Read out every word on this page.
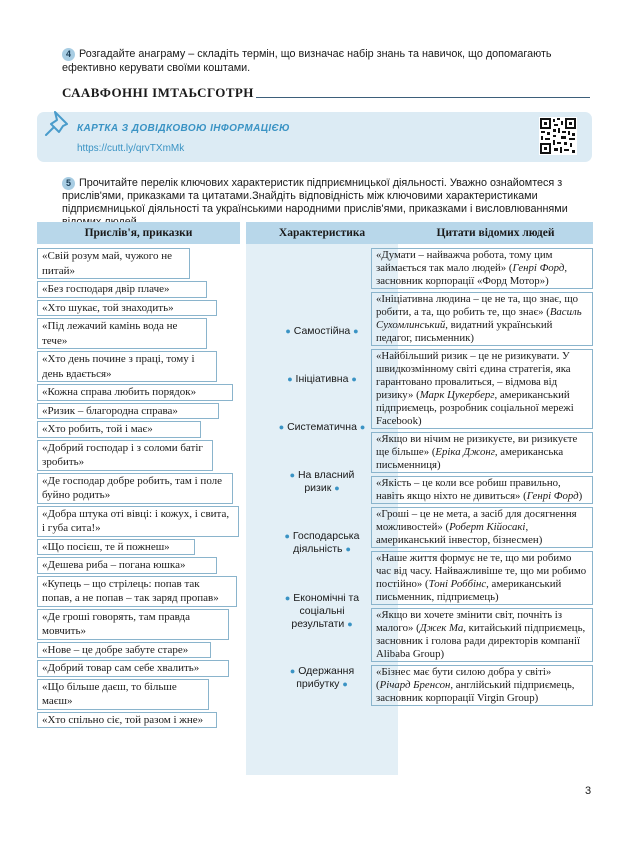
4 Розгадайте анаграму – складіть термін, що визначає набір знань та навичок, що допомагають ефективно керувати своїми коштами.
СААВФОННІ ІМТАЬСГОТРН
КАРТКА З ДОВІДКОВОЮ ІНФОРМАЦІЄЮ
https://cutt.ly/qrvTXmMk
5 Прочитайте перелік ключових характеристик підприємницької діяльності. Уважно ознайомтеся з прислів'ями, приказками та цитатами.Знайдіть відповідність між ключовими характеристиками підприємницької діяльності та українськими народними прислів'ями, приказками і висловлюваннями
Прислів'я, приказки	Характеристика	Цитати відомих людей
«Свій розум май, чужого не питай»
«Без господаря двір плаче»
«Хто шукає, той знаходить»
«Під лежачий камінь вода не тече»
«Хто день почине з праці, тому і день вдається»
«Кожна справа любить порядок»
«Ризик – благородна справа»
«Хто робить, той і має»
«Добрий господар і з соломи батіг зробить»
«Де господар добре робить, там і поле буйно родить»
«Добра штука оті вівці: і кожух, і свита, і губа сита!»
«Що посієш, те й пожнеш»
«Дешева риба – погана юшка»
«Купець – що стрілець: попав так попав, а не попав – так заряд пропав»
«Де гроші говорять, там правда мовчить»
«Нове – це добре забуте старе»
«Добрий товар сам себе хвалить»
«Що більше даєш, то більше маєш»
«Хто спільно сіє, той разом і жне»
● Самостійна ●
● Ініціативна ●
● Систематична ●
● На власний ризик ●
● Господарська діяльність ●
● Економічні та соціальні результати ●
● Одержання прибутку ●
«Думати – найважча робота, тому цим займається так мало людей» (Генрі Форд, засновник корпорації «Форд Мотор»)
«Ініціативна людина – це не та, що знає, що робити, а та, що робить те, що знає» (Василь Сухомлинський, видатний український педагог, письменник)
«Найбільший ризик – це не ризикувати. У швидкозмінному світі єдина стратегія, яка гарантовано провалиться, – відмова від ризику» (Марк Цукерберг, американський підприємець, розробник соціальної мережі Facebook)
«Якщо ви нічим не ризикуєте, ви ризикуєте ще більше» (Еріка Джонг, американська письменниця)
«Якість – це коли все робиш правильно, навіть якщо ніхто не дивиться» (Генрі Форд)
«Гроші – це не мета, а засіб для досягнення можливостей» (Роберт Кійосакі, американський інвестор, бізнесмен)
«Наше життя формує не те, що ми робимо час від часу. Найважливіше те, що ми робимо постійно» (Тоні Роббінс, американський письменник, підприємець)
«Якщо ви хочете змінити світ, почніть із малого» (Джек Ма, китайський підприємець, засновник і голова ради директорів компанії Alibaba Group)
«Бізнес має бути силою добра у світі» (Річард Бренсон, англійський підприємець, засновник корпорації Virgin Group)
3
